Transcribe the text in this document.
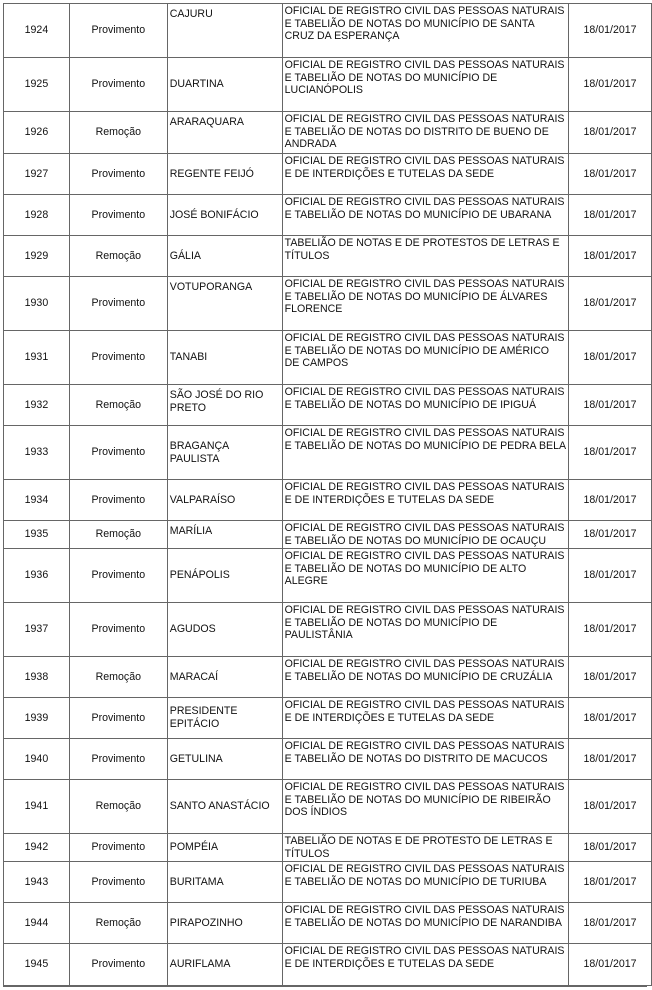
1924	Provimento	CAJURU	OFICIAL DE REGISTRO CIVIL DAS PESSOAS NATURAIS E TABELIÃO DE NOTAS DO MUNICÍPIO DE SANTA CRUZ DA ESPERANÇA	18/01/2017
1925	Provimento	DUARTINA	OFICIAL DE REGISTRO CIVIL DAS PESSOAS NATURAIS E TABELIÃO DE NOTAS DO MUNICÍPIO DE LUCIANÓPOLIS	18/01/2017
1926	Remoção	ARARAQUARA	OFICIAL DE REGISTRO CIVIL DAS PESSOAS NATURAIS E TABELIÃO DE NOTAS DO DISTRITO DE BUENO DE ANDRADA	18/01/2017
1927	Provimento	REGENTE FEIJÓ	OFICIAL DE REGISTRO CIVIL DAS PESSOAS NATURAIS E DE INTERDIÇÕES E TUTELAS DA SEDE	18/01/2017
1928	Provimento	JOSÉ BONIFÁCIO	OFICIAL DE REGISTRO CIVIL DAS PESSOAS NATURAIS E TABELIÃO DE NOTAS DO MUNICÍPIO DE UBARANA	18/01/2017
1929	Remoção	GÁLIA	TABELIÃO DE NOTAS E DE PROTESTOS DE LETRAS E TÍTULOS	18/01/2017
1930	Provimento	VOTUPORANGA	OFICIAL DE REGISTRO CIVIL DAS PESSOAS NATURAIS E TABELIÃO DE NOTAS DO MUNICÍPIO DE ÁLVARES FLORENCE	18/01/2017
1931	Provimento	TANABI	OFICIAL DE REGISTRO CIVIL DAS PESSOAS NATURAIS E TABELIÃO DE NOTAS DO MUNICÍPIO DE AMÉRICO DE CAMPOS	18/01/2017
1932	Remoção	SÃO JOSÉ DO RIO PRETO	OFICIAL DE REGISTRO CIVIL DAS PESSOAS NATURAIS E TABELIÃO DE NOTAS DO MUNICÍPIO DE IPIGUÁ	18/01/2017
1933	Provimento	BRAGANÇA PAULISTA	OFICIAL DE REGISTRO CIVIL DAS PESSOAS NATURAIS E TABELIÃO DE NOTAS DO MUNICÍPIO DE PEDRA BELA	18/01/2017
1934	Provimento	VALPARAÍSO	OFICIAL DE REGISTRO CIVIL DAS PESSOAS NATURAIS E DE INTERDIÇÕES E TUTELAS DA SEDE	18/01/2017
1935	Remoção	MARÍLIA	OFICIAL DE REGISTRO CIVIL DAS PESSOAS NATURAIS E TABELIÃO DE NOTAS DO MUNICÍPIO DE OCAUÇU	18/01/2017
1936	Provimento	PENÁPOLIS	OFICIAL DE REGISTRO CIVIL DAS PESSOAS NATURAIS E TABELIÃO DE NOTAS DO MUNICÍPIO DE ALTO ALEGRE	18/01/2017
1937	Provimento	AGUDOS	OFICIAL DE REGISTRO CIVIL DAS PESSOAS NATURAIS E TABELIÃO DE NOTAS DO MUNICÍPIO DE PAULISTÂNIA	18/01/2017
1938	Remoção	MARACAÍ	OFICIAL DE REGISTRO CIVIL DAS PESSOAS NATURAIS E TABELIÃO DE NOTAS DO MUNICÍPIO DE CRUZÁLIA	18/01/2017
1939	Provimento	PRESIDENTE EPITÁCIO	OFICIAL DE REGISTRO CIVIL DAS PESSOAS NATURAIS E DE INTERDIÇÕES E TUTELAS DA SEDE	18/01/2017
1940	Provimento	GETULINA	OFICIAL DE REGISTRO CIVIL DAS PESSOAS NATURAIS E TABELIÃO DE NOTAS DO DISTRITO DE MACUCOS	18/01/2017
1941	Remoção	SANTO ANASTÁCIO	OFICIAL DE REGISTRO CIVIL DAS PESSOAS NATURAIS E TABELIÃO DE NOTAS DO MUNICÍPIO DE RIBEIRÃO DOS ÍNDIOS	18/01/2017
1942	Provimento	POMPÉIA	TABELIÃO DE NOTAS E DE PROTESTO DE LETRAS E TÍTULOS	18/01/2017
1943	Provimento	BURITAMA	OFICIAL DE REGISTRO CIVIL DAS PESSOAS NATURAIS E TABELIÃO DE NOTAS DO MUNICÍPIO DE TURIUBA	18/01/2017
1944	Remoção	PIRAPOZINHO	OFICIAL DE REGISTRO CIVIL DAS PESSOAS NATURAIS E TABELIÃO DE NOTAS DO MUNICÍPIO DE NARANDIBA	18/01/2017
1945	Provimento	AURIFLAMA	OFICIAL DE REGISTRO CIVIL DAS PESSOAS NATURAIS E DE INTERDIÇÕES E TUTELAS DA SEDE	18/01/2017
